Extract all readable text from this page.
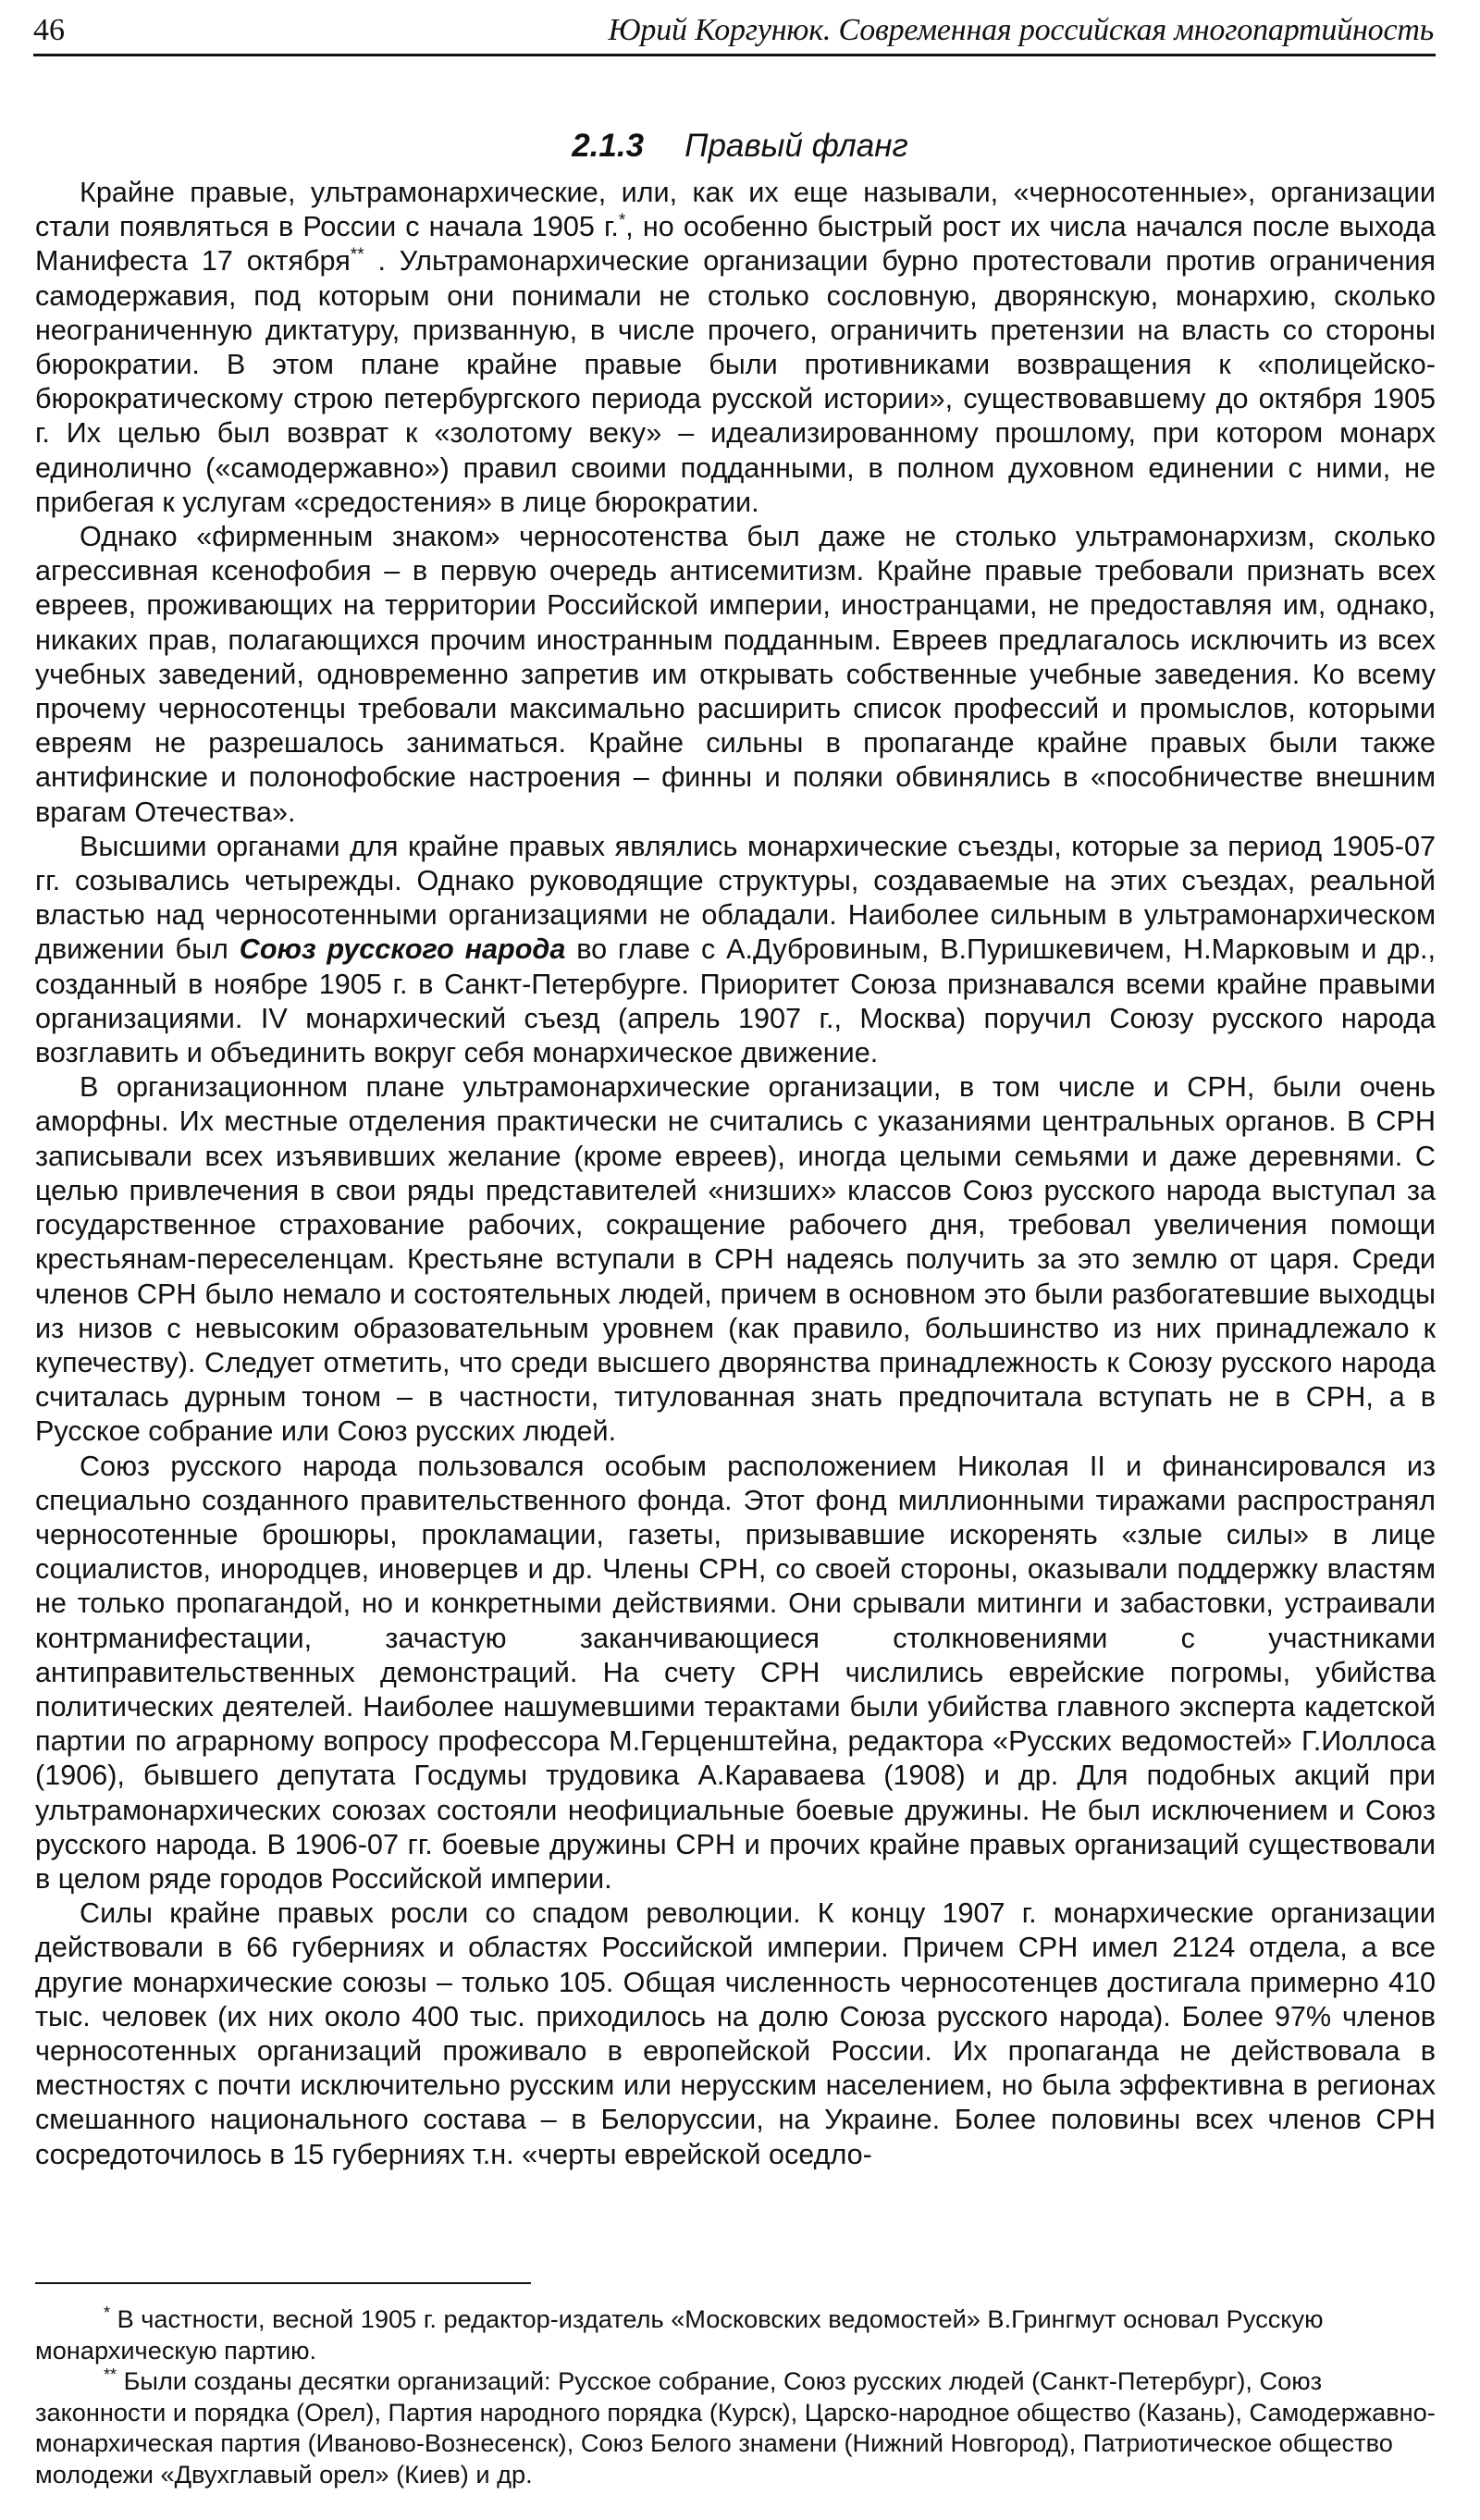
46	Юрий Коргунюк. Современная российская многопартийность
2.1.3 Правый фланг

Крайне правые, ультрамонархические, или, как их еще называли, «черносотенные», организации стали появляться в России с начала 1905 г.*, но особенно быстрый рост их числа начался после выхода Манифеста 17 октября** . Ультрамонархические организации бурно протестовали против ограничения самодержавия, под которым они понимали не столько сословную, дворянскую, монархию, сколько неограниченную диктатуру, призванную, в числе прочего, ограничить претензии на власть со стороны бюрократии. В этом плане крайне правые были противниками возвращения к «полицейско-бюрократическому строю петербургского периода русской истории», существовавшему до октября 1905 г. Их целью был возврат к «золотому веку» – идеализированному прошлому, при котором монарх единолично («самодержавно») правил своими подданными, в полном духовном единении с ними, не прибегая к услугам «средостения» в лице бюрократии.

Однако «фирменным знаком» черносотенства был даже не столько ультрамонархизм, сколько агрессивная ксенофобия – в первую очередь антисемитизм. Крайне правые требовали признать всех евреев, проживающих на территории Российской империи, иностранцами, не предоставляя им, однако, никаких прав, полагающихся прочим иностранным подданным. Евреев предлагалось исключить из всех учебных заведений, одновременно запретив им открывать собственные учебные заведения. Ко всему прочему черносотенцы требовали максимально расширить список профессий и промыслов, которыми евреям не разрешалось заниматься. Крайне сильны в пропаганде крайне правых были также антифинские и полонофобские настроения – финны и поляки обвинялись в «пособничестве внешним врагам Отечества».

Высшими органами для крайне правых являлись монархические съезды, которые за период 1905-07 гг. созывались четырежды. Однако руководящие структуры, создаваемые на этих съездах, реальной властью над черносотенными организациями не обладали. Наиболее сильным в ультрамонархическом движении был Союз русского народа во главе с А.Дубровиным, В.Пуришкевичем, Н.Марковым и др., созданный в ноябре 1905 г. в Санкт-Петербурге. Приоритет Союза признавался всеми крайне правыми организациями. IV монархический съезд (апрель 1907 г., Москва) поручил Союзу русского народа возглавить и объединить вокруг себя монархическое движение.

В организационном плане ультрамонархические организации, в том числе и СРН, были очень аморфны. Их местные отделения практически не считались с указаниями центральных органов. В СРН записывали всех изъявивших желание (кроме евреев), иногда целыми семьями и даже деревнями. С целью привлечения в свои ряды представителей «низших» классов Союз русского народа выступал за государственное страхование рабочих, сокращение рабочего дня, требовал увеличения помощи крестьянам-переселенцам. Крестьяне вступали в СРН надеясь получить за это землю от царя. Среди членов СРН было немало и состоятельных людей, причем в основном это были разбогатевшие выходцы из низов с невысоким образовательным уровнем (как правило, большинство из них принадлежало к купечеству). Следует отметить, что среди высшего дворянства принадлежность к Союзу русского народа считалась дурным тоном – в частности, титулованная знать предпочитала вступать не в СРН, а в Русское собрание или Союз русских людей.

Союз русского народа пользовался особым расположением Николая II и финансировался из специально созданного правительственного фонда. Этот фонд миллионными тиражами распространял черносотенные брошюры, прокламации, газеты, призывавшие искоренять «злые силы» в лице социалистов, инородцев, иноверцев и др. Члены СРН, со своей стороны, оказывали поддержку властям не только пропагандой, но и конкретными действиями. Они срывали митинги и забастовки, устраивали контрманифестации, зачастую заканчивающиеся столкновениями с участниками антиправительственных демонстраций. На счету СРН числились еврейские погромы, убийства политических деятелей. Наиболее нашумевшими терактами были убийства главного эксперта кадетской партии по аграрному вопросу профессора М.Герценштейна, редактора «Русских ведомостей» Г.Иоллоса (1906), бывшего депутата Госдумы трудовика А.Караваева (1908) и др. Для подобных акций при ультрамонархических союзах состояли неофициальные боевые дружины. Не был исключением и Союз русского народа. В 1906-07 гг. боевые дружины СРН и прочих крайне правых организаций существовали в целом ряде городов Российской империи.

Силы крайне правых росли со спадом революции. К концу 1907 г. монархические организации действовали в 66 губерниях и областях Российской империи. Причем СРН имел 2124 отдела, а все другие монархические союзы – только 105. Общая численность черносотенцев достигала примерно 410 тыс. человек (их них около 400 тыс. приходилось на долю Союза русского народа). Более 97% членов черносотенных организаций проживало в европейской России. Их пропаганда не действовала в местностях с почти исключительно русским или нерусским населением, но была эффективна в регионах смешанного национального состава – в Белоруссии, на Украине. Более половины всех членов СРН сосредоточилось в 15 губерниях т.н. «черты еврейской оседло-

* В частности, весной 1905 г. редактор-издатель «Московских ведомостей» В.Грингмут основал Русскую монархическую партию.

** Были созданы десятки организаций: Русское собрание, Союз русских людей (Санкт-Петербург), Союз законности и порядка (Орел), Партия народного порядка (Курск), Царско-народное общество (Казань), Самодержавно-монархическая партия (Иваново-Вознесенск), Союз Белого знамени (Нижний Новгород), Патриотическое общество молодежи «Двухглавый орел» (Киев) и др.
